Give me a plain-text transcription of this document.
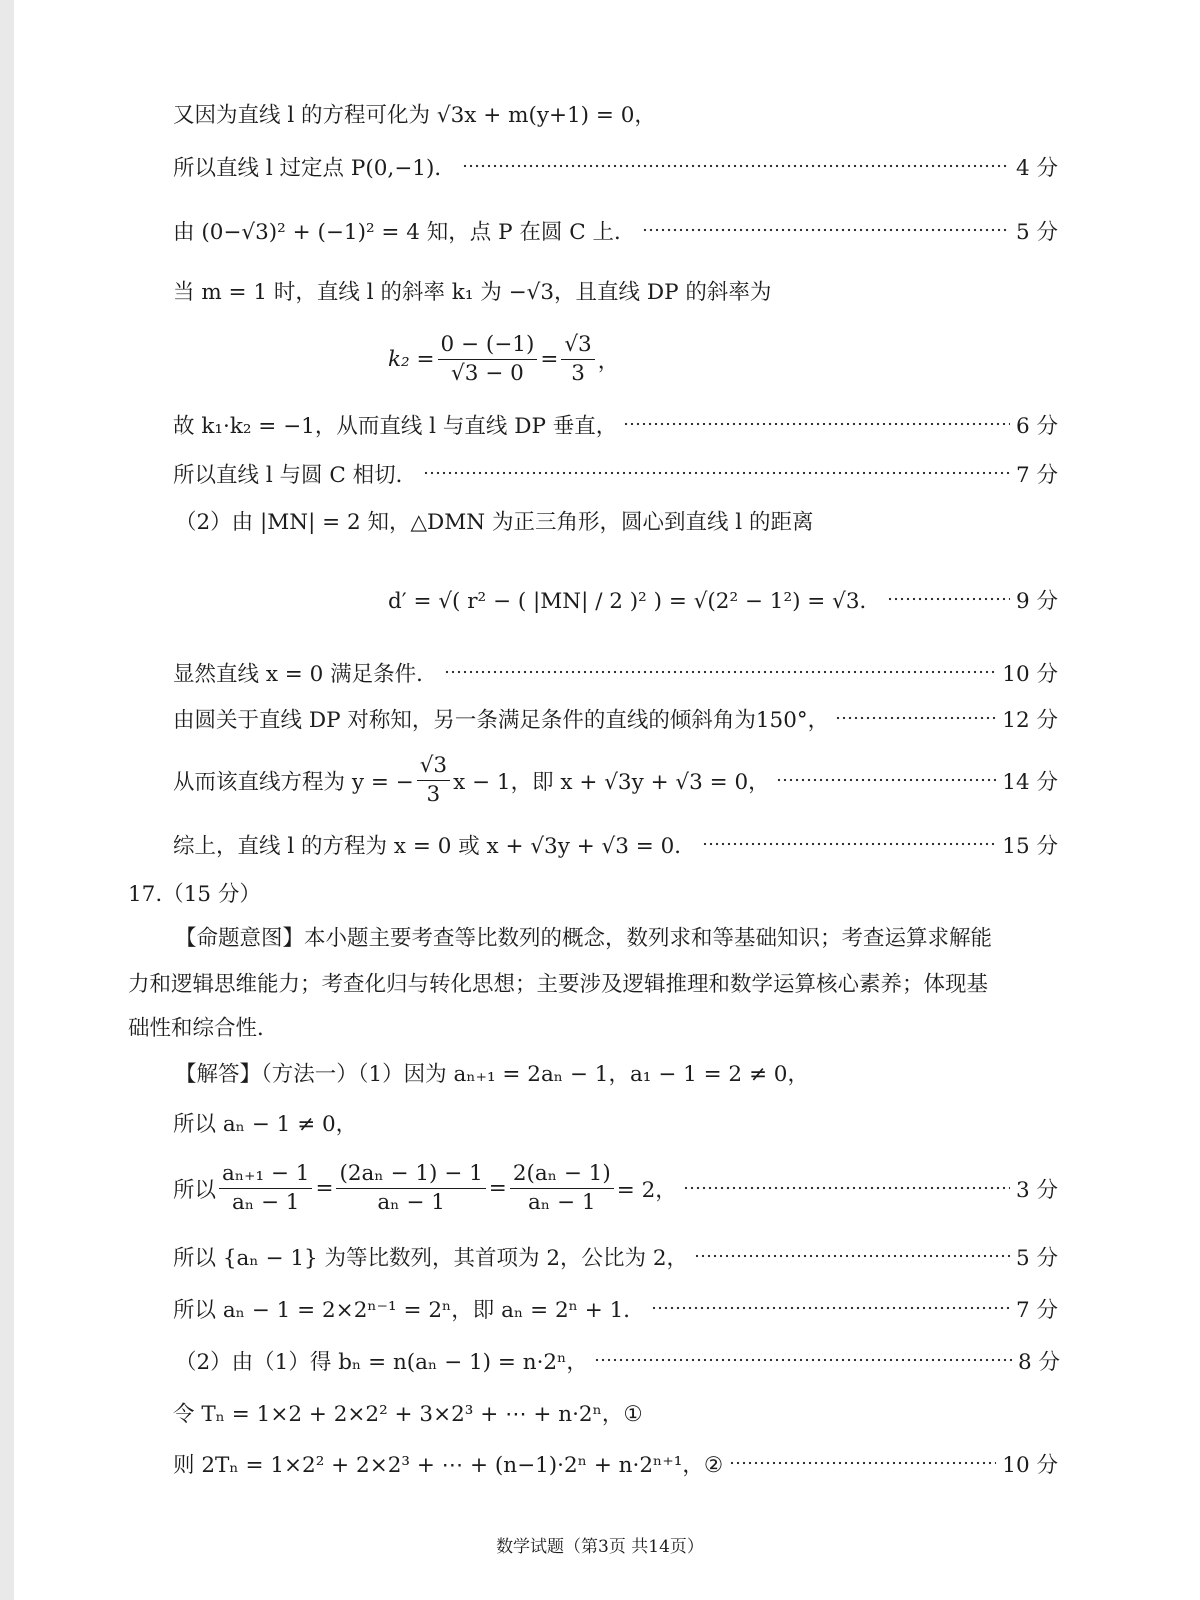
又因为直线 l 的方程可化为 √3x + m(y+1) = 0，
所以直线 l 过定点 P(0,−1)．	4 分
由 (0−√3)² + (−1)² = 4 知，点 P 在圆 C 上．	5 分
当 m = 1 时，直线 l 的斜率 k₁ 为 −√3，且直线 DP 的斜率为
$k_2 = \frac{0 - (-1)}{√3 - 0} = \frac{√3}{3}$ ，
故 k₁·k₂ = −1，从而直线 l 与直线 DP 垂直，	6 分
所以直线 l 与圆 C 相切．	7 分
（2）由 |MN| = 2 知，△DMN 为正三角形，圆心到直线 l 的距离
d′ = √( r² − ( |MN| / 2 )² ) = √(2² − 1²) = √3．	9 分
显然直线 x = 0 满足条件．	10 分
由圆关于直线 DP 对称知，另一条满足条件的直线的倾斜角为150°，	12 分
从而该直线方程为 y = − $\frac{√3}{3}$ x − 1，即 x + √3y + √3 = 0，	14 分
综上，直线 l 的方程为 x = 0 或 x + √3y + √3 = 0．	15 分
17.（15 分）
【命题意图】本小题主要考查等比数列的概念，数列求和等基础知识；考查运算求解能
力和逻辑思维能力；考查化归与转化思想；主要涉及逻辑推理和数学运算核心素养；体现基
础性和综合性．
【解答】（方法一）（1）因为 aₙ₊₁ = 2aₙ − 1，a₁ − 1 = 2 ≠ 0，
所以 aₙ − 1 ≠ 0，
所以 $\frac{\text{aₙ₊₁ − 1}}{\text{aₙ − 1}} = \frac{\text{(2aₙ − 1) − 1}}{\text{aₙ − 1}} = \frac{\text{2(aₙ − 1)}}{\text{aₙ − 1}} = 2$，	3 分
所以 {aₙ − 1} 为等比数列，其首项为 2，公比为 2，	5 分
所以 aₙ − 1 = 2×2ⁿ⁻¹ = 2ⁿ，即 aₙ = 2ⁿ + 1．	7 分
（2）由（1）得 bₙ = n(aₙ − 1) = n·2ⁿ，	8 分
令 Tₙ = 1×2 + 2×2² + 3×2³ + ⋯ + n·2ⁿ，①
则 2Tₙ = 1×2² + 2×2³ + ⋯ + (n−1)·2ⁿ + n·2ⁿ⁺¹，②	10 分
数学试题（第3页 共14页）
